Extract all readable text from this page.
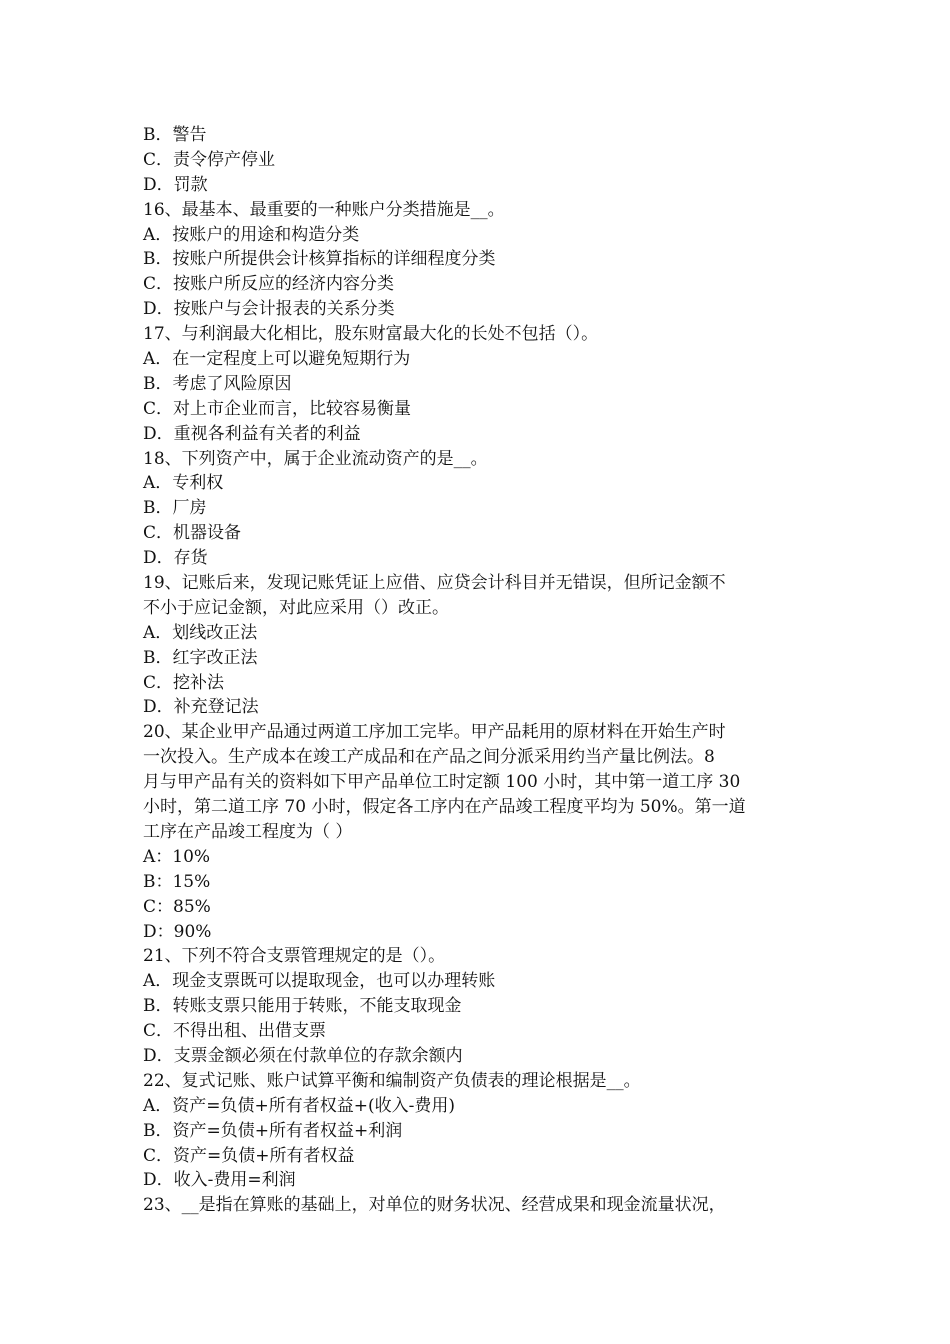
B．警告
C．责令停产停业
D．罚款
16、最基本、最重要的一种账户分类措施是__。
A．按账户的用途和构造分类
B．按账户所提供会计核算指标的详细程度分类
C．按账户所反应的经济内容分类
D．按账户与会计报表的关系分类
17、与利润最大化相比，股东财富最大化的长处不包括（）。
A．在一定程度上可以避免短期行为
B．考虑了风险原因
C．对上市企业而言，比较容易衡量
D．重视各利益有关者的利益
18、下列资产中，属于企业流动资产的是__。
A．专利权
B．厂房
C．机器设备
D．存货
19、记账后来，发现记账凭证上应借、应贷会计科目并无错误，但所记金额不
不小于应记金额，对此应采用（）改正。
A．划线改正法
B．红字改正法
C．挖补法
D．补充登记法
20、某企业甲产品通过两道工序加工完毕。甲产品耗用的原材料在开始生产时
一次投入。生产成本在竣工产成品和在产品之间分派采用约当产量比例法。8
月与甲产品有关的资料如下甲产品单位工时定额 100 小时，其中第一道工序 30
小时，第二道工序 70 小时，假定各工序内在产品竣工程度平均为 50%。第一道
工序在产品竣工程度为（ ）
A：10%
B：15%
C：85%
D：90%
21、下列不符合支票管理规定的是（）。
A．现金支票既可以提取现金，也可以办理转账
B．转账支票只能用于转账，不能支取现金
C．不得出租、出借支票
D．支票金额必须在付款单位的存款余额内
22、复式记账、账户试算平衡和编制资产负债表的理论根据是__。
A．资产=负债+所有者权益+(收入-费用)
B．资产=负债+所有者权益+利润
C．资产=负债+所有者权益
D．收入-费用=利润
23、__是指在算账的基础上，对单位的财务状况、经营成果和现金流量状况，
